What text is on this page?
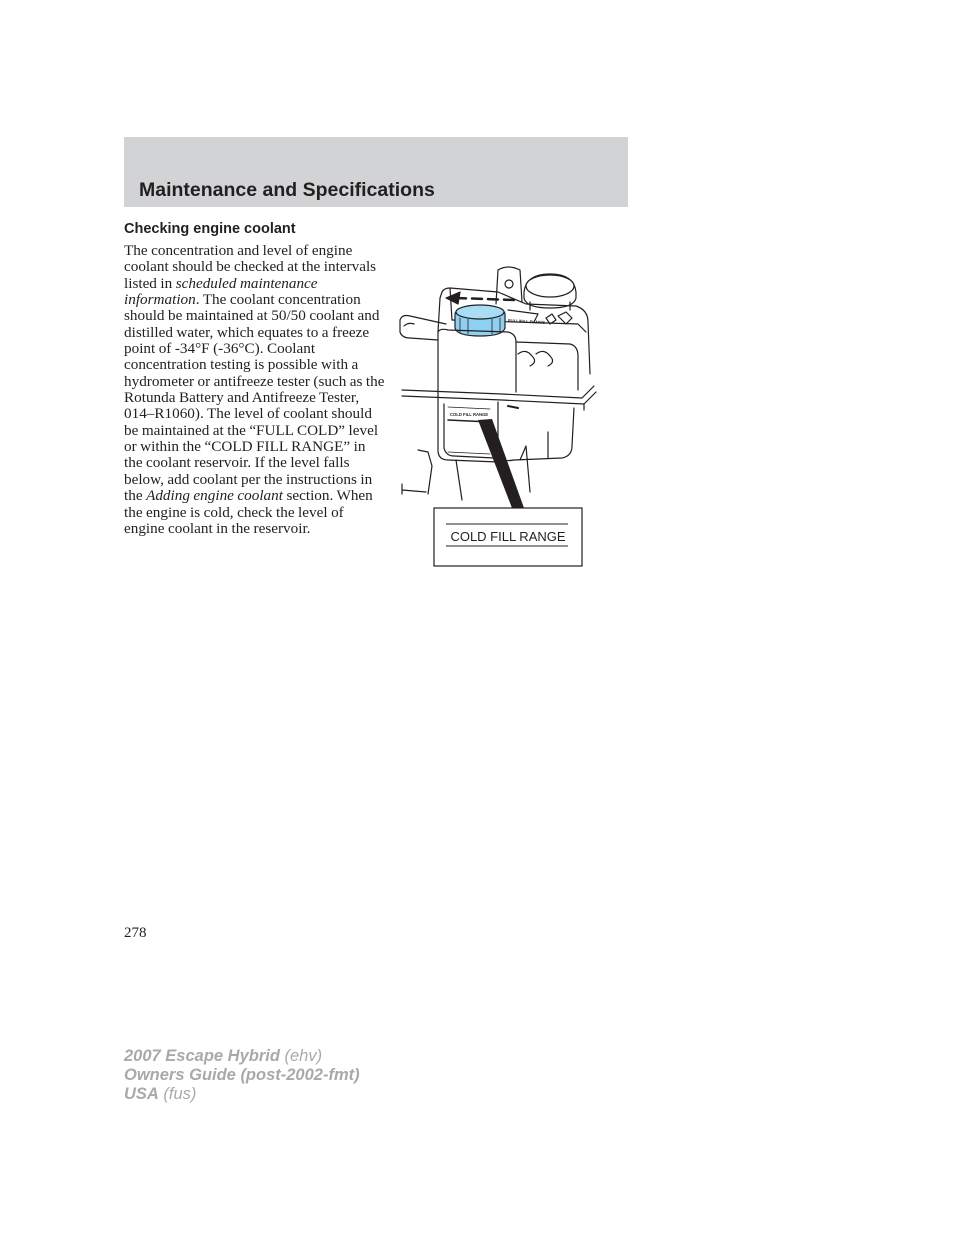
Maintenance and Specifications
Checking engine coolant

The concentration and level of engine coolant should be checked at the intervals listed in scheduled maintenance information. The coolant concentration should be maintained at 50/50 coolant and distilled water, which equates to a freeze point of -34°F (-36°C). Coolant concentration testing is possible with a hydrometer or antifreeze tester (such as the Rotunda Battery and Antifreeze Tester, 014–R1060). The level of coolant should be maintained at the “FULL COLD” level or within the “COLD FILL RANGE” in the coolant reservoir. If the level falls below, add coolant per the instructions in the Adding engine coolant section. When the engine is cold, check the level of engine coolant in the reservoir.

FULL/FILL RANGE
COLD FILL RANGE
COLD FILL RANGE

278

2007 Escape Hybrid (ehv)
Owners Guide (post-2002-fmt)
USA (fus)
